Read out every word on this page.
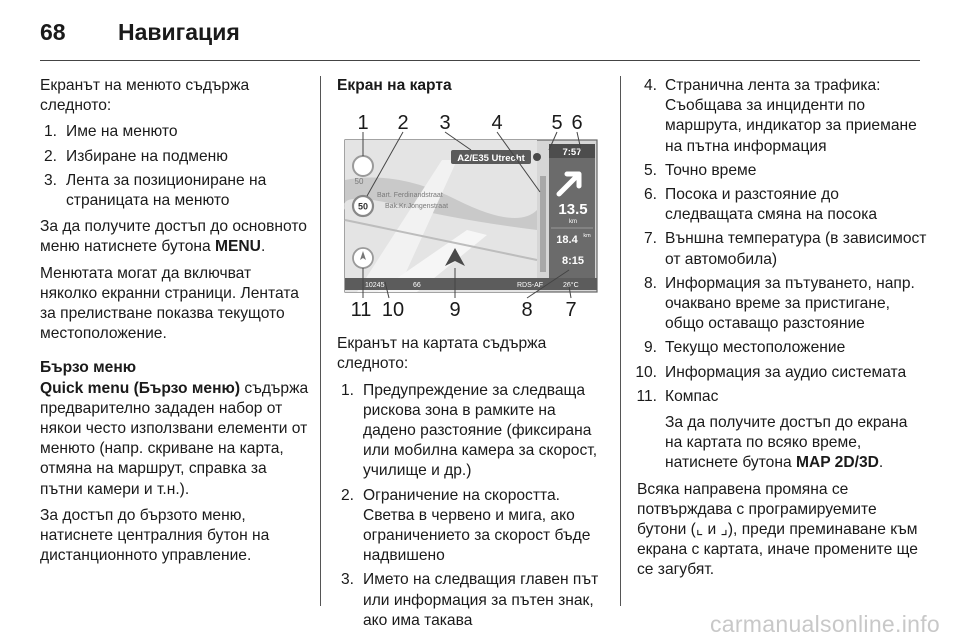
68	Навигация

Екранът на менюто съдържа следното:

1. Име на менюто
2. Избиране на подменю
3. Лента за позициониране на страницата на менюто

За да получите достъп до основното меню натиснете бутона MENU.

Менютата могат да включват няколко екранни страници. Лентата за прелистване показва текущото местоположение.

Бързо меню

Quick menu (Бързо меню) съдържа предварително зададен набор от някои често използвани елементи от менюто (напр. скриване на карта, отмяна на маршрут, справка за пътни камери и т.н.).

За достъп до бързото меню, натиснете централния бутон на дистанционното управление.

Екран на карта

Bart. Ferdinandstraat
Bak.Kr.Jongenstraat
A2/E35 Utrecht
50
50
7:57
13.5
km
18.4 km
8:15
10245	66	RDS-AF	26°C
1 2 3 4 5 6
11 10 9	8 7

Екранът на картата съдържа следното:

1. Предупреждение за следваща рискова зона в рамките на дадено разстояние (фиксирана или мобилна камера за скорост, училище и др.)
2. Ограничение на скоростта. Светва в червено и мига, ако ограничението за скорост бъде надвишено
3. Името на следващия главен път или информация за пътен знак, ако има такава
4. Странична лента за трафика: Съобщава за инциденти по маршрута, индикатор за приемане на пътна информация
5. Точно време
6. Посока и разстояние до следващата смяна на посока
7. Външна температура (в зависимост от автомобила)
8. Информация за пътуването, напр. очаквано време за пристигане, общо оставащо разстояние
9. Текущо местоположение
10. Информация за аудио системата
11. Компас

За да получите достъп до екрана на картата по всяко време, натиснете бутона MAP 2D/3D.

Всяка направена промяна се потвърждава с програмируемите бутони (⌞ и ⌟), преди преминаване към екрана с картата, иначе промените ще се загубят.

carmanualsonline.info
